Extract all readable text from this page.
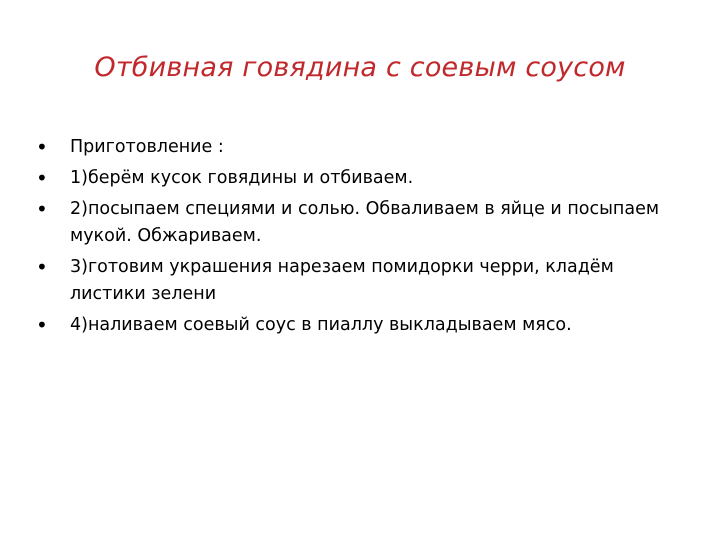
Отбивная говядина с соевым соусом
•	Приготовление :
•	1)берём кусок говядины и отбиваем.
•	2)посыпаем специями и солью. Обваливаем в яйце и посыпаем мукой. Обжариваем.
•	3)готовим украшения нарезаем помидорки черри, кладём листики зелени
•	4)наливаем соевый соус в пиаллу выкладываем мясо.
